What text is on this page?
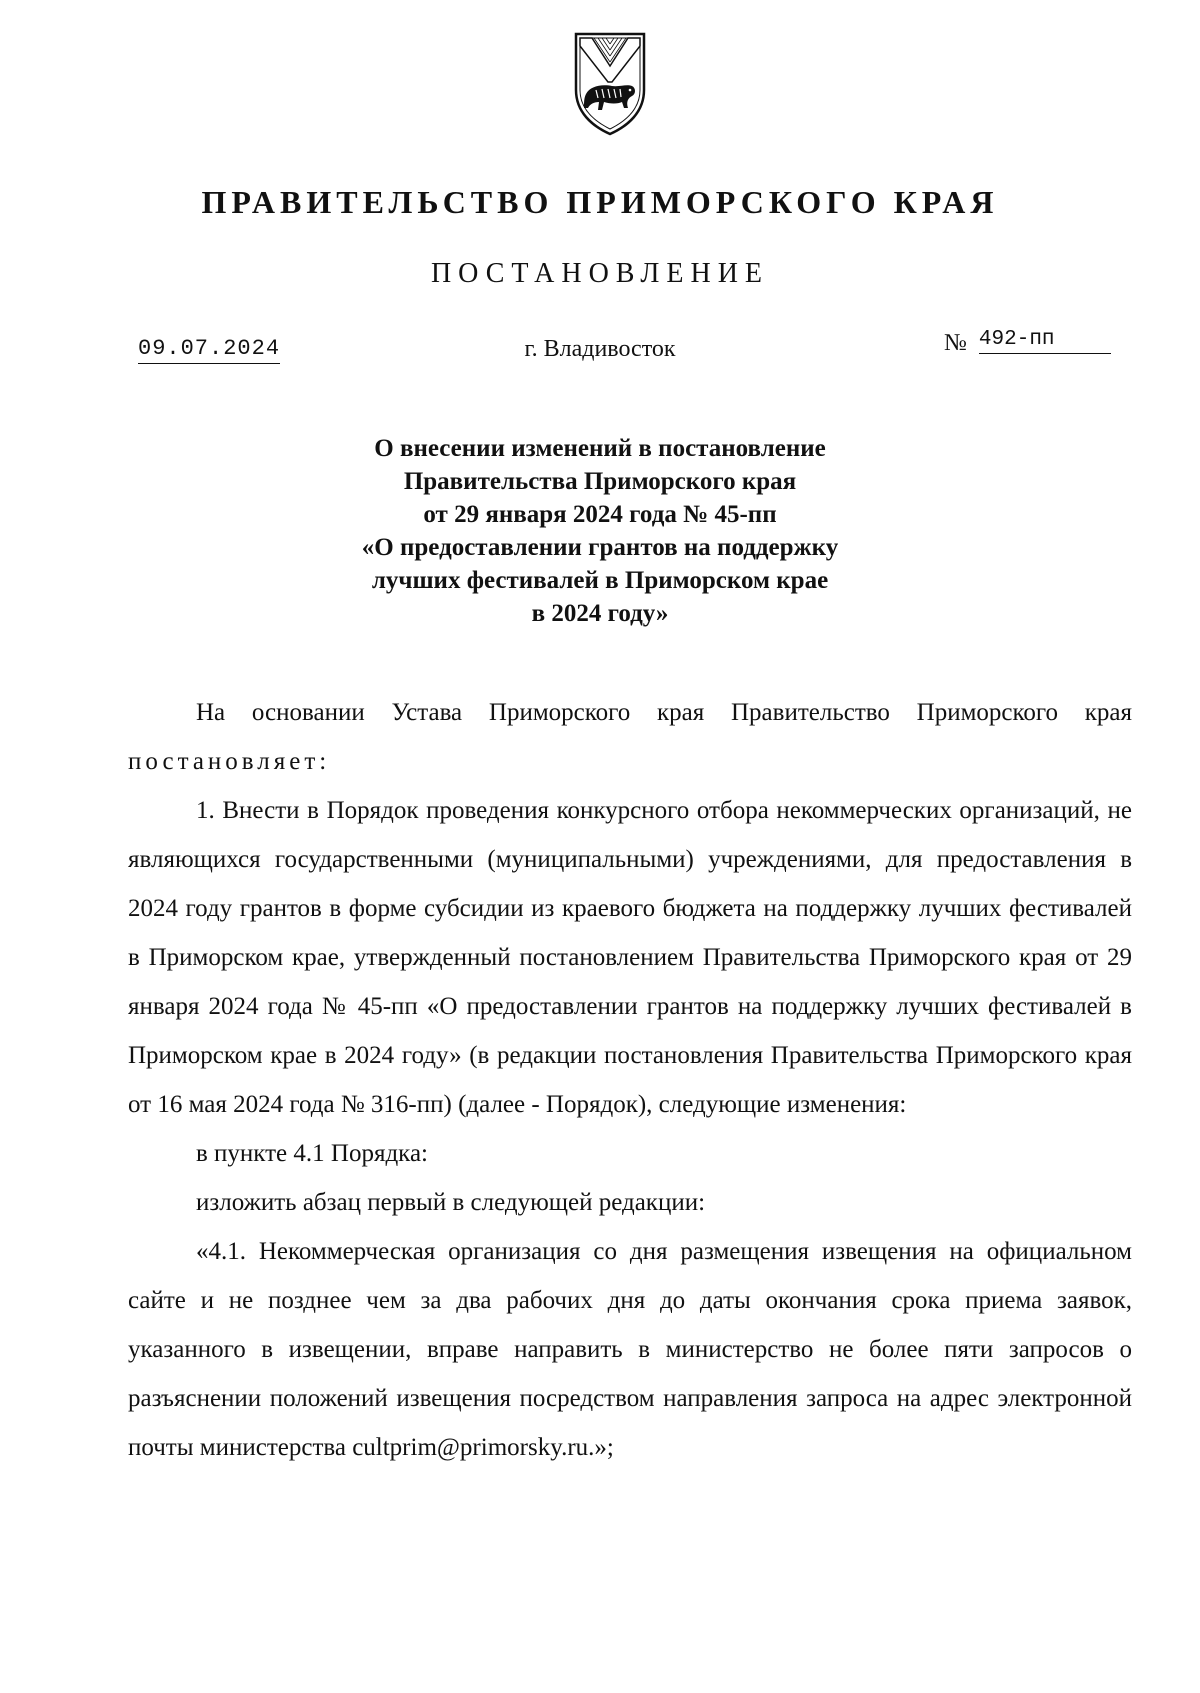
ПРАВИТЕЛЬСТВО ПРИМОРСКОГО КРАЯ
ПОСТАНОВЛЕНИЕ
09.07.2024	г. Владивосток	№ 492-пп
О внесении изменений в постановление
Правительства Приморского края
от 29 января 2024 года № 45-пп
«О предоставлении грантов на поддержку
лучших фестивалей в Приморском крае
в 2024 году»

На основании Устава Приморского края Правительство Приморского края постановляет:

1. Внести в Порядок проведения конкурсного отбора некоммерческих организаций, не являющихся государственными (муниципальными) учреждениями, для предоставления в 2024 году грантов в форме субсидии из краевого бюджета на поддержку лучших фестивалей в Приморском крае, утвержденный постановлением Правительства Приморского края от 29 января 2024 года № 45-пп «О предоставлении грантов на поддержку лучших фестивалей в Приморском крае в 2024 году» (в редакции постановления Правительства Приморского края от 16 мая 2024 года № 316-пп) (далее - Порядок), следующие изменения:

в пункте 4.1 Порядка:

изложить абзац первый в следующей редакции:

«4.1. Некоммерческая организация со дня размещения извещения на официальном сайте и не позднее чем за два рабочих дня до даты окончания срока приема заявок, указанного в извещении, вправе направить в министерство не более пяти запросов о разъяснении положений извещения посредством направления запроса на адрес электронной почты министерства cultprim@primorsky.ru.»;
